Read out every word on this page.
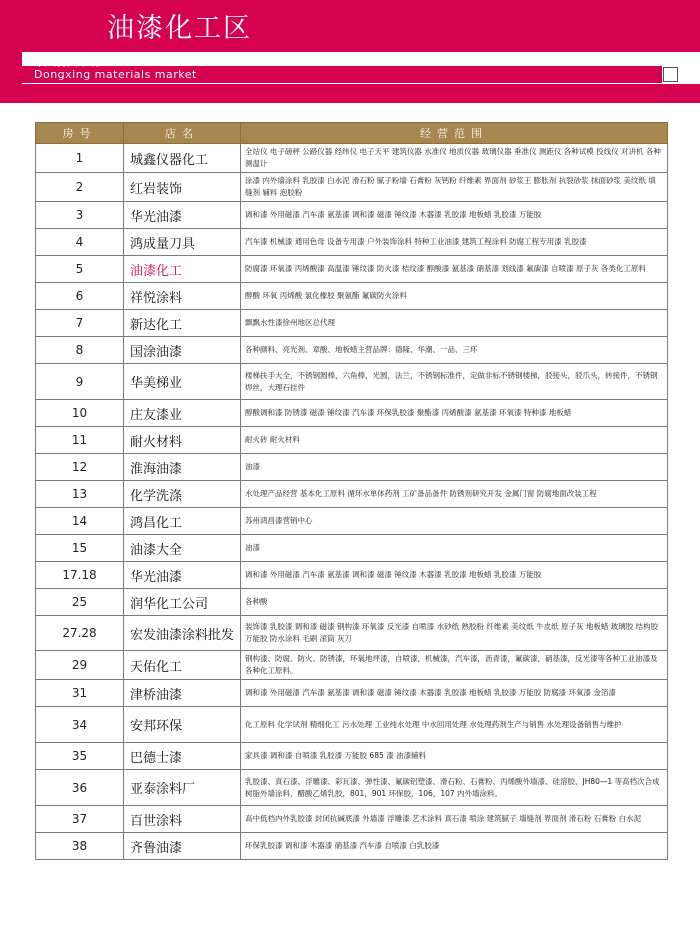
油漆化工区
东兴物资市场
Dongxing materials market
房号	店名	经营范围
1	城鑫仪器化工	全站仪 电子磅秤 公路仪器 经纬仪 电子天平 建筑仪器 水准仪 地质仪器 玻璃仪器 垂准仪 测距仪 各种试模 投线仪 对讲机 各种测温计
2	红岩装饰	涂漆 内外墙涂料 乳胶漆 白水泥 滑石粉 腻子粉墙 石膏粉 灰钙粉 纤维素 界面剂 砂浆王 膨胀剂 抗裂砂浆 抹面砂浆 美纹纸 填缝剂 辅料 泡胶粉
3	华光油漆	调和漆 外用磁漆 汽车漆 氨基漆 调和漆 磁漆 锤纹漆 木器漆 乳胶漆 地板蜡 乳胶漆 万能胶
4	鸿成量刀具	汽车漆 机械漆 通用色母 设备专用漆 户外装饰涂料 特种工业油漆 建筑工程涂料 防腐工程专用漆 乳胶漆
5	油漆化工	防腐漆 环氧漆 丙烯酸漆 高温漆 锤纹漆 防火漆 桔纹漆 醇酸漆 氨基漆 硝基漆 划线漆 氟碳漆 自喷漆 原子灰 各类化工原料
6	祥悦涂料	醇酸 环氧 丙烯酸 氯化橡胶 聚氨酯 氟碳防火涂料
7	新达化工	飘飘水性漆徐州地区总代理
8	国涂油漆	各种颜料、亮光剂、章酸、地板蜡主营品牌：德隆、华潮、一品、三环
9	华美梯业	楼梯扶手大全，不锈钢圆棒，六角棒，光圆，法兰，不锈钢标准件，定做非标不锈钢楼梯，驳接头，驳爪头，转接件，不锈钢焊丝，大理石挂件
10	庄友漆业	醇酸调和漆 防锈漆 磁漆 锤纹漆 汽车漆 环保乳胶漆 聚酯漆 丙烯酸漆 氨基漆 环氧漆 特种漆 地板蜡
11	耐火材料	耐火砖 耐火材料
12	淮海油漆	油漆
13	化学洗涤	水处理产品经营 基本化工原料 循环水单体药剂 工矿备品备件 防锈剂研究开发 金属门窗 防腐地面改装工程
14	鸿昌化工	苏州鸿昌漆营销中心
15	油漆大全	油漆
17.18	华光油漆	调和漆 外用磁漆 汽车漆 氨基漆 调和漆 磁漆 锤纹漆 木器漆 乳胶漆 地板蜡 乳胶漆 万能胶
25	润华化工公司	各种酸
27.28	宏发油漆涂料批发	装饰漆 乳胶漆 调和漆 磁漆 钢构漆 环氧漆 反光漆 自喷漆 水砂纸 熟胶粉 纤维素 美纹纸 牛皮纸 原子灰 地板蜡 玻璃胶 结构胶 万能胶 防水涂料 毛刷 滚筒 灰刀
29	天佑化工	钢构漆、防腐、防火、防锈漆，环氧地坪漆，自喷漆，机械漆，汽车漆，沥青漆，氟碳漆，硝基漆，反光漆等各种工业油漆及各种化工原料。
31	津桥油漆	调和漆 外用磁漆 汽车漆 氨基漆 调和漆 磁漆 锤纹漆 木器漆 乳胶漆 地板蜡 乳胶漆 万能胶 防腐漆 环氧漆 金箔漆
34	安邦环保	化工原料 化学试剂 精细化工 污水处理 工业纯水处理 中水回用处理 水处理药剂生产与销售 水处理设备销售与维护
35	巴德士漆	家具漆 调和漆 自喷漆 乳胶漆 万能胶 685 漆 油漆辅料
36	亚泰涂料厂	乳胶漆、真石漆、浮雕漆、彩瓦漆、弹性漆、氟碳铝塑漆、滑石粉、石膏粉、丙烯酸外墙漆、硅溶胶、JH80—1 等高档次合成树脂外墙涂料，醋酸乙烯乳胶，801，901 环保胶，106，107 内外墙涂料。
37	百世涂料	高中低档内外乳胶漆 封闭抗碱底漆 外墙漆 浮雕漆 艺术涂料 真石漆 喷涂 建筑腻子 墙缝剂 界面剂 滑石粉 石膏粉 白水泥
38	齐鲁油漆	环保乳胶漆 调和漆 木器漆 硝基漆 汽车漆 自喷漆 白乳胶漆
